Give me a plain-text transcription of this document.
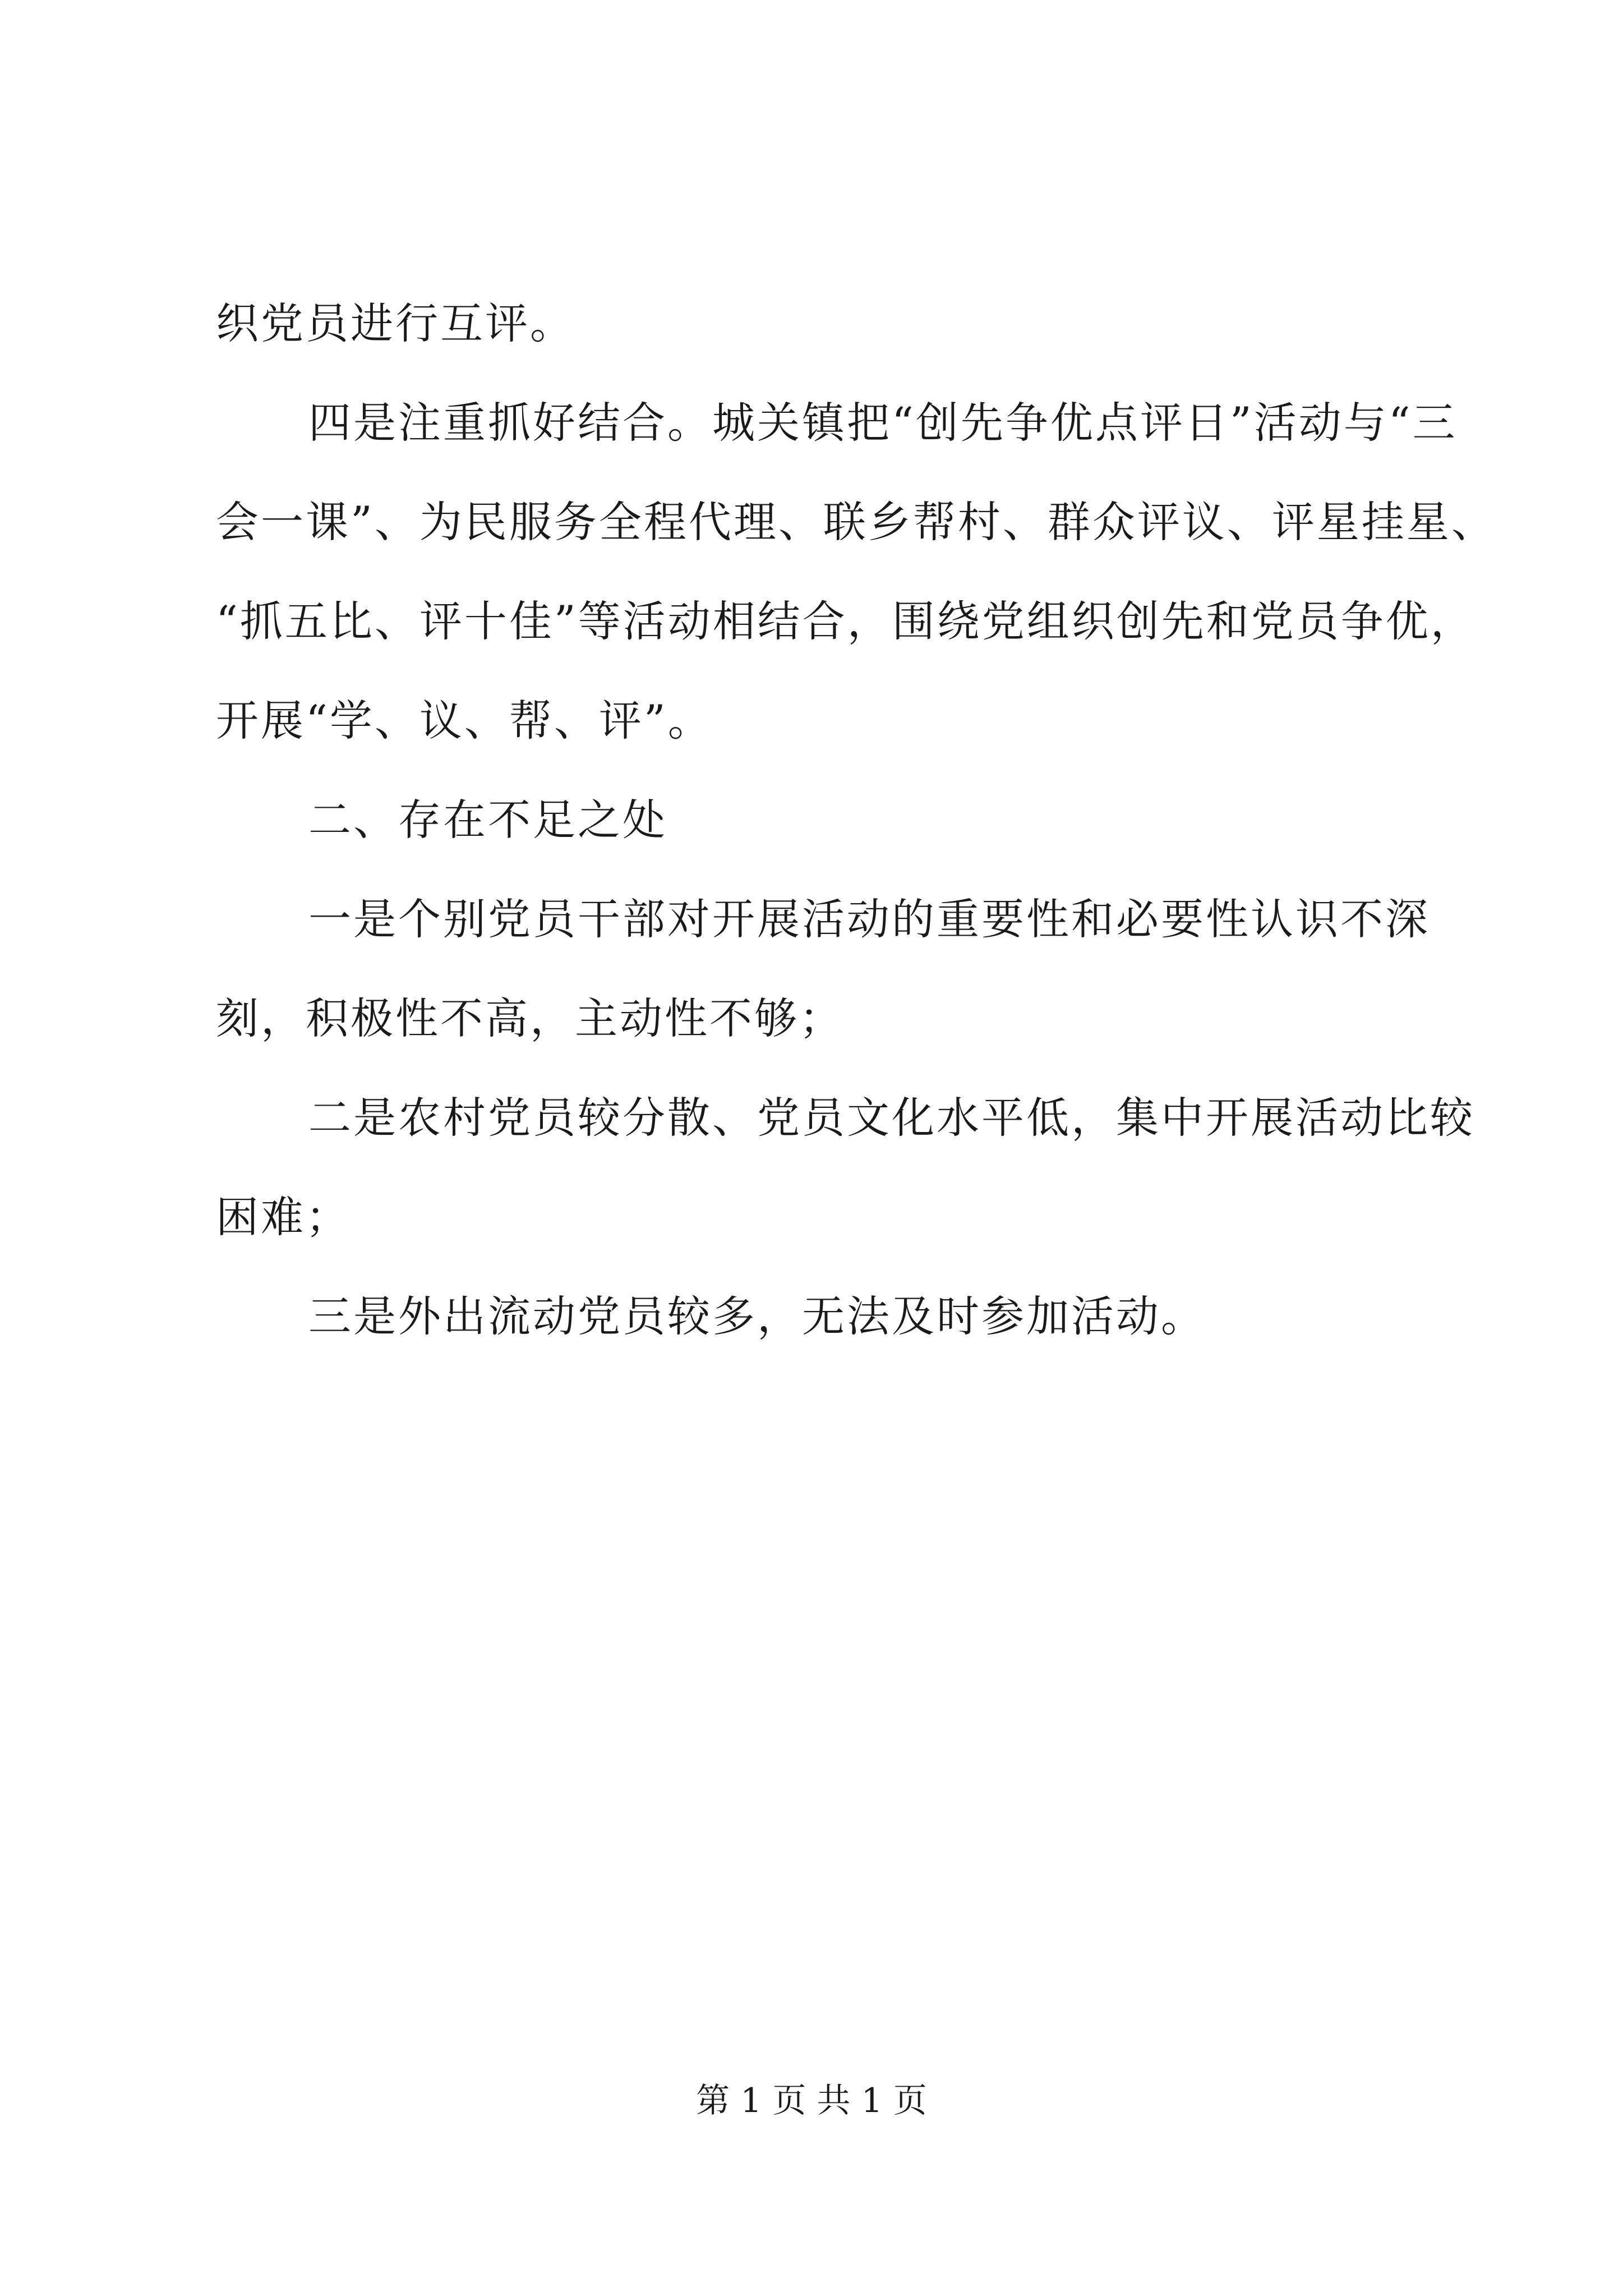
织党员进行互评。
四是注重抓好结合。城关镇把“创先争优点评日”活动与“三
会一课”、为民服务全程代理、联乡帮村、群众评议、评星挂星、
“抓五比、评十佳”等活动相结合，围绕党组织创先和党员争优，
开展“学、议、帮、评”。
二、存在不足之处
一是个别党员干部对开展活动的重要性和必要性认识不深
刻，积极性不高，主动性不够；
二是农村党员较分散、党员文化水平低，集中开展活动比较
困难；
三是外出流动党员较多，无法及时参加活动。
第 1 页 共 1 页
